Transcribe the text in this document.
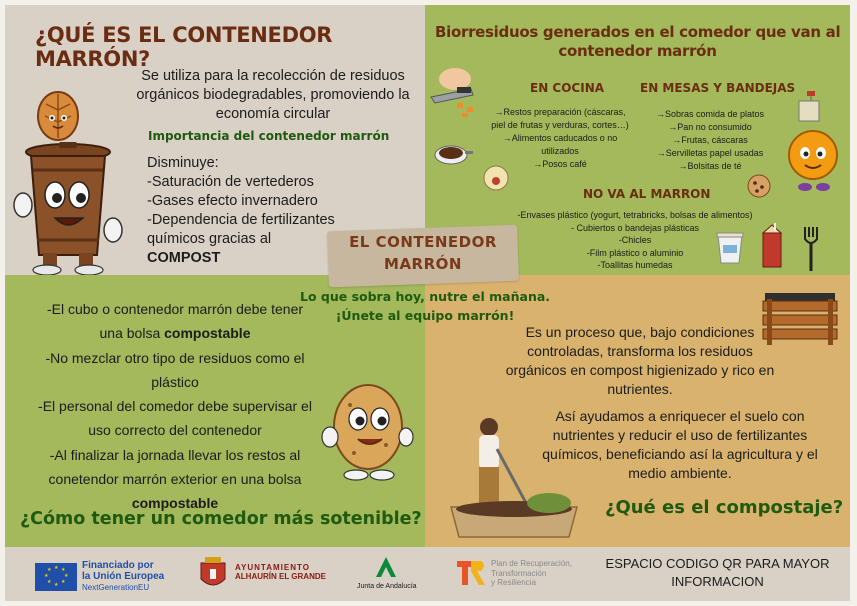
¿QUÉ ES EL CONTENEDOR MARRÓN?
Se utiliza para la recolección de residuos
orgánicos biodegradables, promoviendo la
economía circular
Importancia del contenedor marrón
Disminuye:
-Saturación de vertederos
-Gases efecto invernadero
-Dependencia de fertilizantes
químicos gracias al
COMPOST
Biorresiduos generados en el comedor que van al
contenedor marrón
EN COCINA
→Restos preparación (cáscaras,
piel de frutas y verduras, cortes…)
→Alimentos caducados o no
utilizados
→Posos café
EN MESAS Y BANDEJAS
→Sobras comida de platos
→Pan no consumido
→Frutas, cáscaras
→Servilletas papel usadas
→Bolsitas de té
NO VA AL MARRON
-Envases plástico (yogurt, tetrabricks, bolsas de alimentos)
- Cubiertos o bandejas plásticas
-Chicles
-Film plástico o aluminio
-Toallitas humedas
-El cubo o contenedor marrón debe tener
una bolsa compostable
-No mezclar otro tipo de residuos como el
plástico
-El personal del comedor debe supervisar el
uso correcto del contenedor
-Al finalizar la jornada llevar los restos al
conetendor marrón exterior en una bolsa
compostable
¿Cómo tener un comedor más sotenible?
Es un proceso que, bajo condiciones
controladas, transforma los residuos
orgánicos en compost higienizado y rico en
nutrientes.
Así ayudamos a enriquecer el suelo con
nutrientes y reducir el uso de fertilizantes
químicos, beneficiando así la agricultura y el
medio ambiente.
¿Qué es el compostaje?
EL CONTENEDOR
MARRÓN
Lo que sobra hoy, nutre el mañana.
¡Únete al equipo marrón!
★ ★
★
★
★
★
★
★	Financiado por
la Unión Europea
NextGenerationEU
AYUNTAMIENTO
ALHAURÍN EL GRANDE
Junta de Andalucía
Plan de Recuperación,
Transformación
y Resiliencia
ESPACIO CODIGO QR PARA MAYOR
INFORMACION
